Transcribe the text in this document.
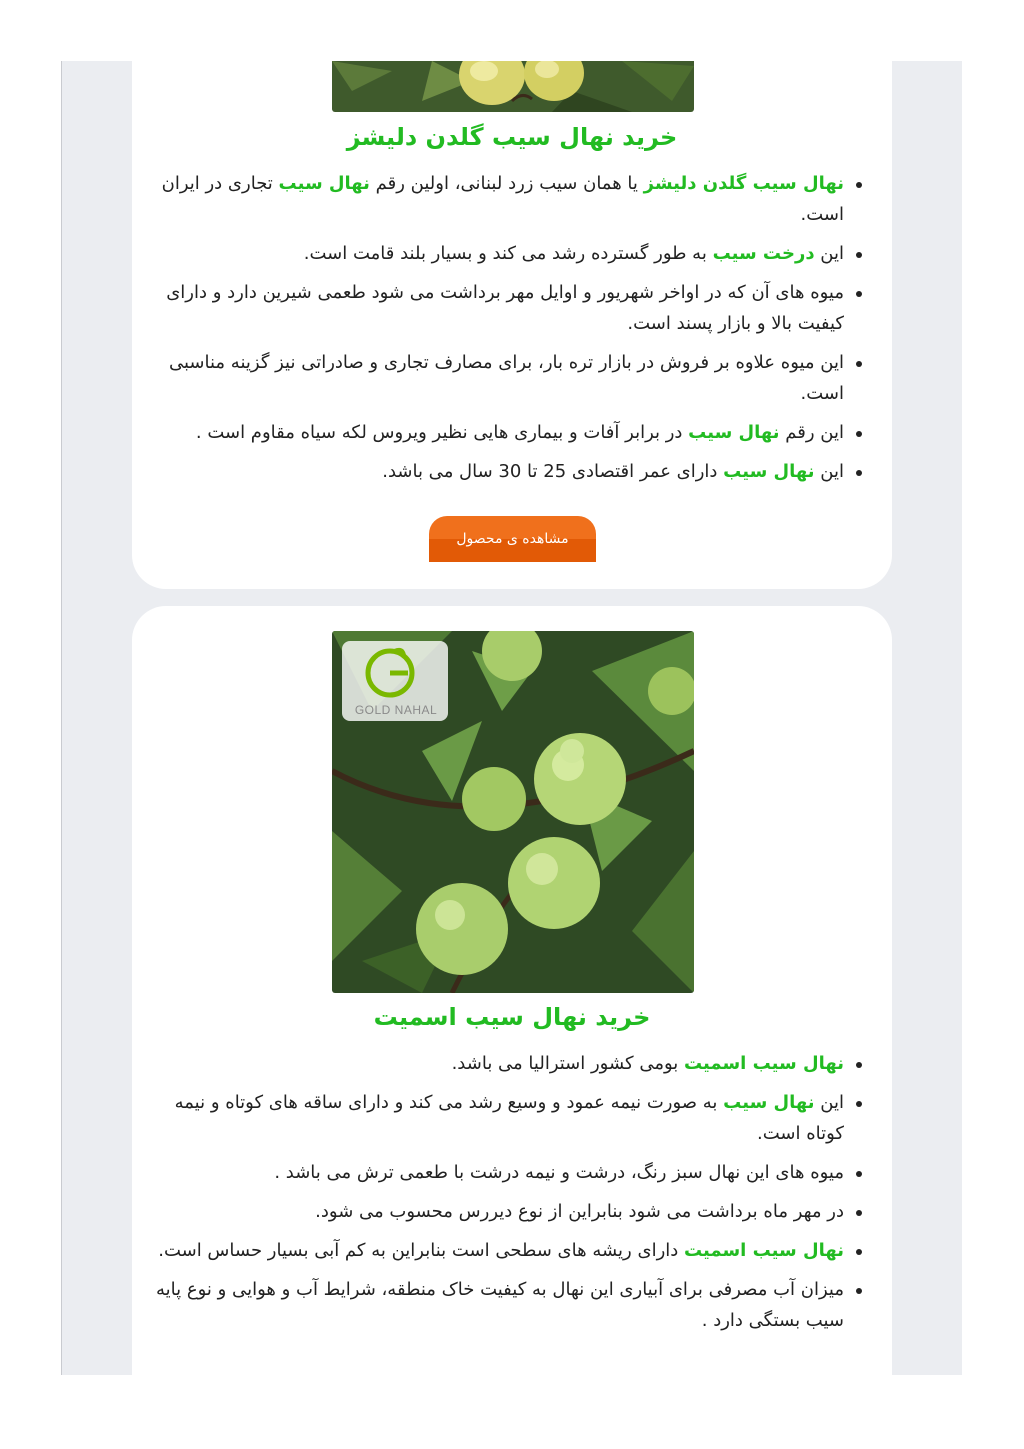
خرید نهال سیب گلدن دلیشز
نهال سیب گلدن دلیشز یا همان سیب زرد لبنانی، اولین رقم نهال سیب تجاری در ایران است.
این درخت سیب به طور گسترده رشد می کند و بسیار بلند قامت است.
میوه های آن که در اواخر شهریور و اوایل مهر برداشت می شود طعمی شیرین دارد و دارای کیفیت بالا و بازار پسند است.
این میوه علاوه بر فروش در بازار تره بار، برای مصارف تجاری و صادراتی نیز گزینه مناسبی است.
این رقم نهال سیب در برابر آفات و بیماری هایی نظیر ویروس لکه سیاه مقاوم است .
این نهال سیب دارای عمر اقتصادی 25 تا 30 سال می باشد.
مشاهده ی محصول
GOLD NAHAL
خرید نهال سیب اسمیت
نهال سیب اسمیت بومی کشور استرالیا می باشد.
این نهال سیب به صورت نیمه عمود و وسیع رشد می کند و دارای ساقه های کوتاه و نیمه کوتاه است.
میوه های این نهال سبز رنگ، درشت و نیمه درشت با طعمی ترش می باشد .
در مهر ماه برداشت می شود بنابراین از نوع دیررس محسوب می شود.
نهال سیب اسمیت دارای ریشه های سطحی است بنابراین به کم آبی بسیار حساس است.
میزان آب مصرفی برای آبیاری این نهال به کیفیت خاک منطقه، شرایط آب و هوایی و نوع پایه سیب بستگی دارد .
